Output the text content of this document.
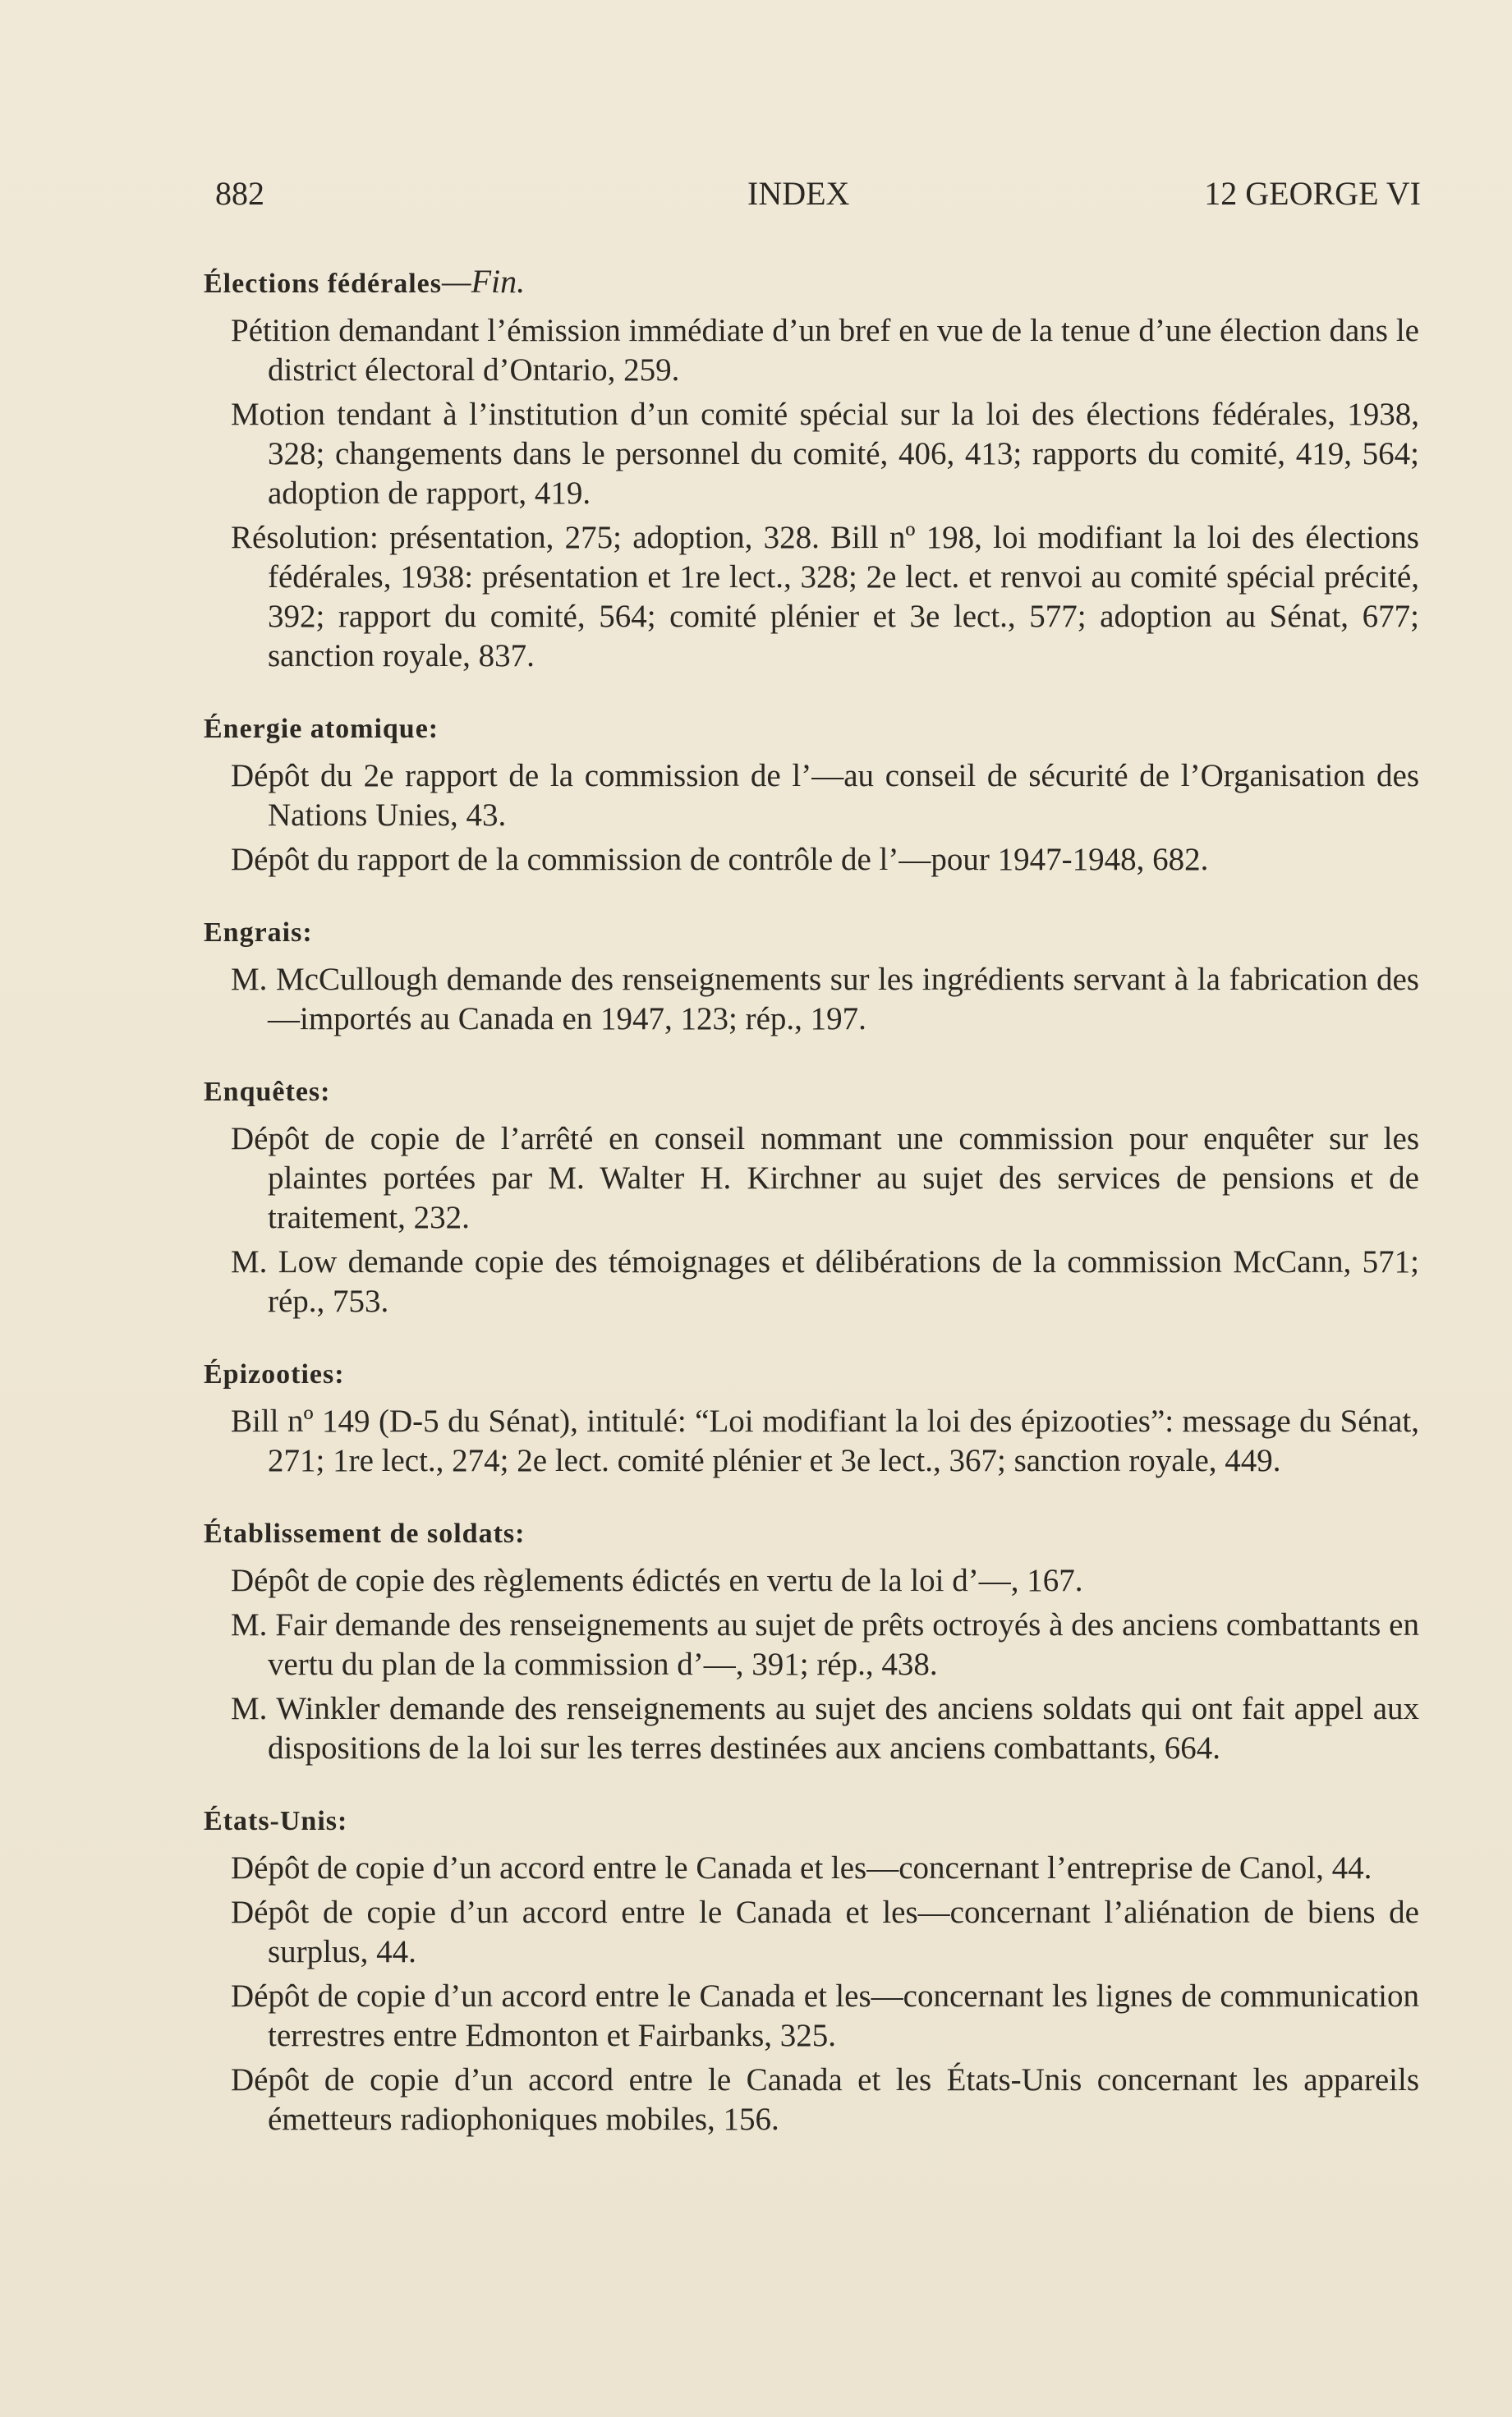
882	INDEX	12 GEORGE VI
Élections fédérales—Fin.

Pétition demandant l’émission immédiate d’un bref en vue de la tenue d’une élection dans le district électoral d’Ontario, 259.

Motion tendant à l’institution d’un comité spécial sur la loi des élections fédérales, 1938, 328; changements dans le personnel du comité, 406, 413; rapports du comité, 419, 564; adoption de rapport, 419.

Résolution: présentation, 275; adoption, 328. Bill nº 198, loi modifiant la loi des élections fédérales, 1938: présentation et 1re lect., 328; 2e lect. et renvoi au comité spécial précité, 392; rapport du comité, 564; comité plénier et 3e lect., 577; adoption au Sénat, 677; sanction royale, 837.

Énergie atomique:

Dépôt du 2e rapport de la commission de l’—au conseil de sécurité de l’Organisation des Nations Unies, 43.

Dépôt du rapport de la commission de contrôle de l’—pour 1947-1948, 682.

Engrais:

M. McCullough demande des renseignements sur les ingrédients servant à la fabrication des—importés au Canada en 1947, 123; rép., 197.

Enquêtes:

Dépôt de copie de l’arrêté en conseil nommant une commission pour enquêter sur les plaintes portées par M. Walter H. Kirchner au sujet des services de pensions et de traitement, 232.

M. Low demande copie des témoignages et délibérations de la commission McCann, 571; rép., 753.

Épizooties:

Bill nº 149 (D-5 du Sénat), intitulé: “Loi modifiant la loi des épizooties”: message du Sénat, 271; 1re lect., 274; 2e lect. comité plénier et 3e lect., 367; sanction royale, 449.

Établissement de soldats:

Dépôt de copie des règlements édictés en vertu de la loi d’—, 167.

M. Fair demande des renseignements au sujet de prêts octroyés à des anciens combattants en vertu du plan de la commission d’—, 391; rép., 438.

M. Winkler demande des renseignements au sujet des anciens soldats qui ont fait appel aux dispositions de la loi sur les terres destinées aux anciens combattants, 664.

États-Unis:

Dépôt de copie d’un accord entre le Canada et les—concernant l’entreprise de Canol, 44.

Dépôt de copie d’un accord entre le Canada et les—concernant l’aliénation de biens de surplus, 44.

Dépôt de copie d’un accord entre le Canada et les—concernant les lignes de communication terrestres entre Edmonton et Fairbanks, 325.

Dépôt de copie d’un accord entre le Canada et les États-Unis concernant les appareils émetteurs radiophoniques mobiles, 156.
